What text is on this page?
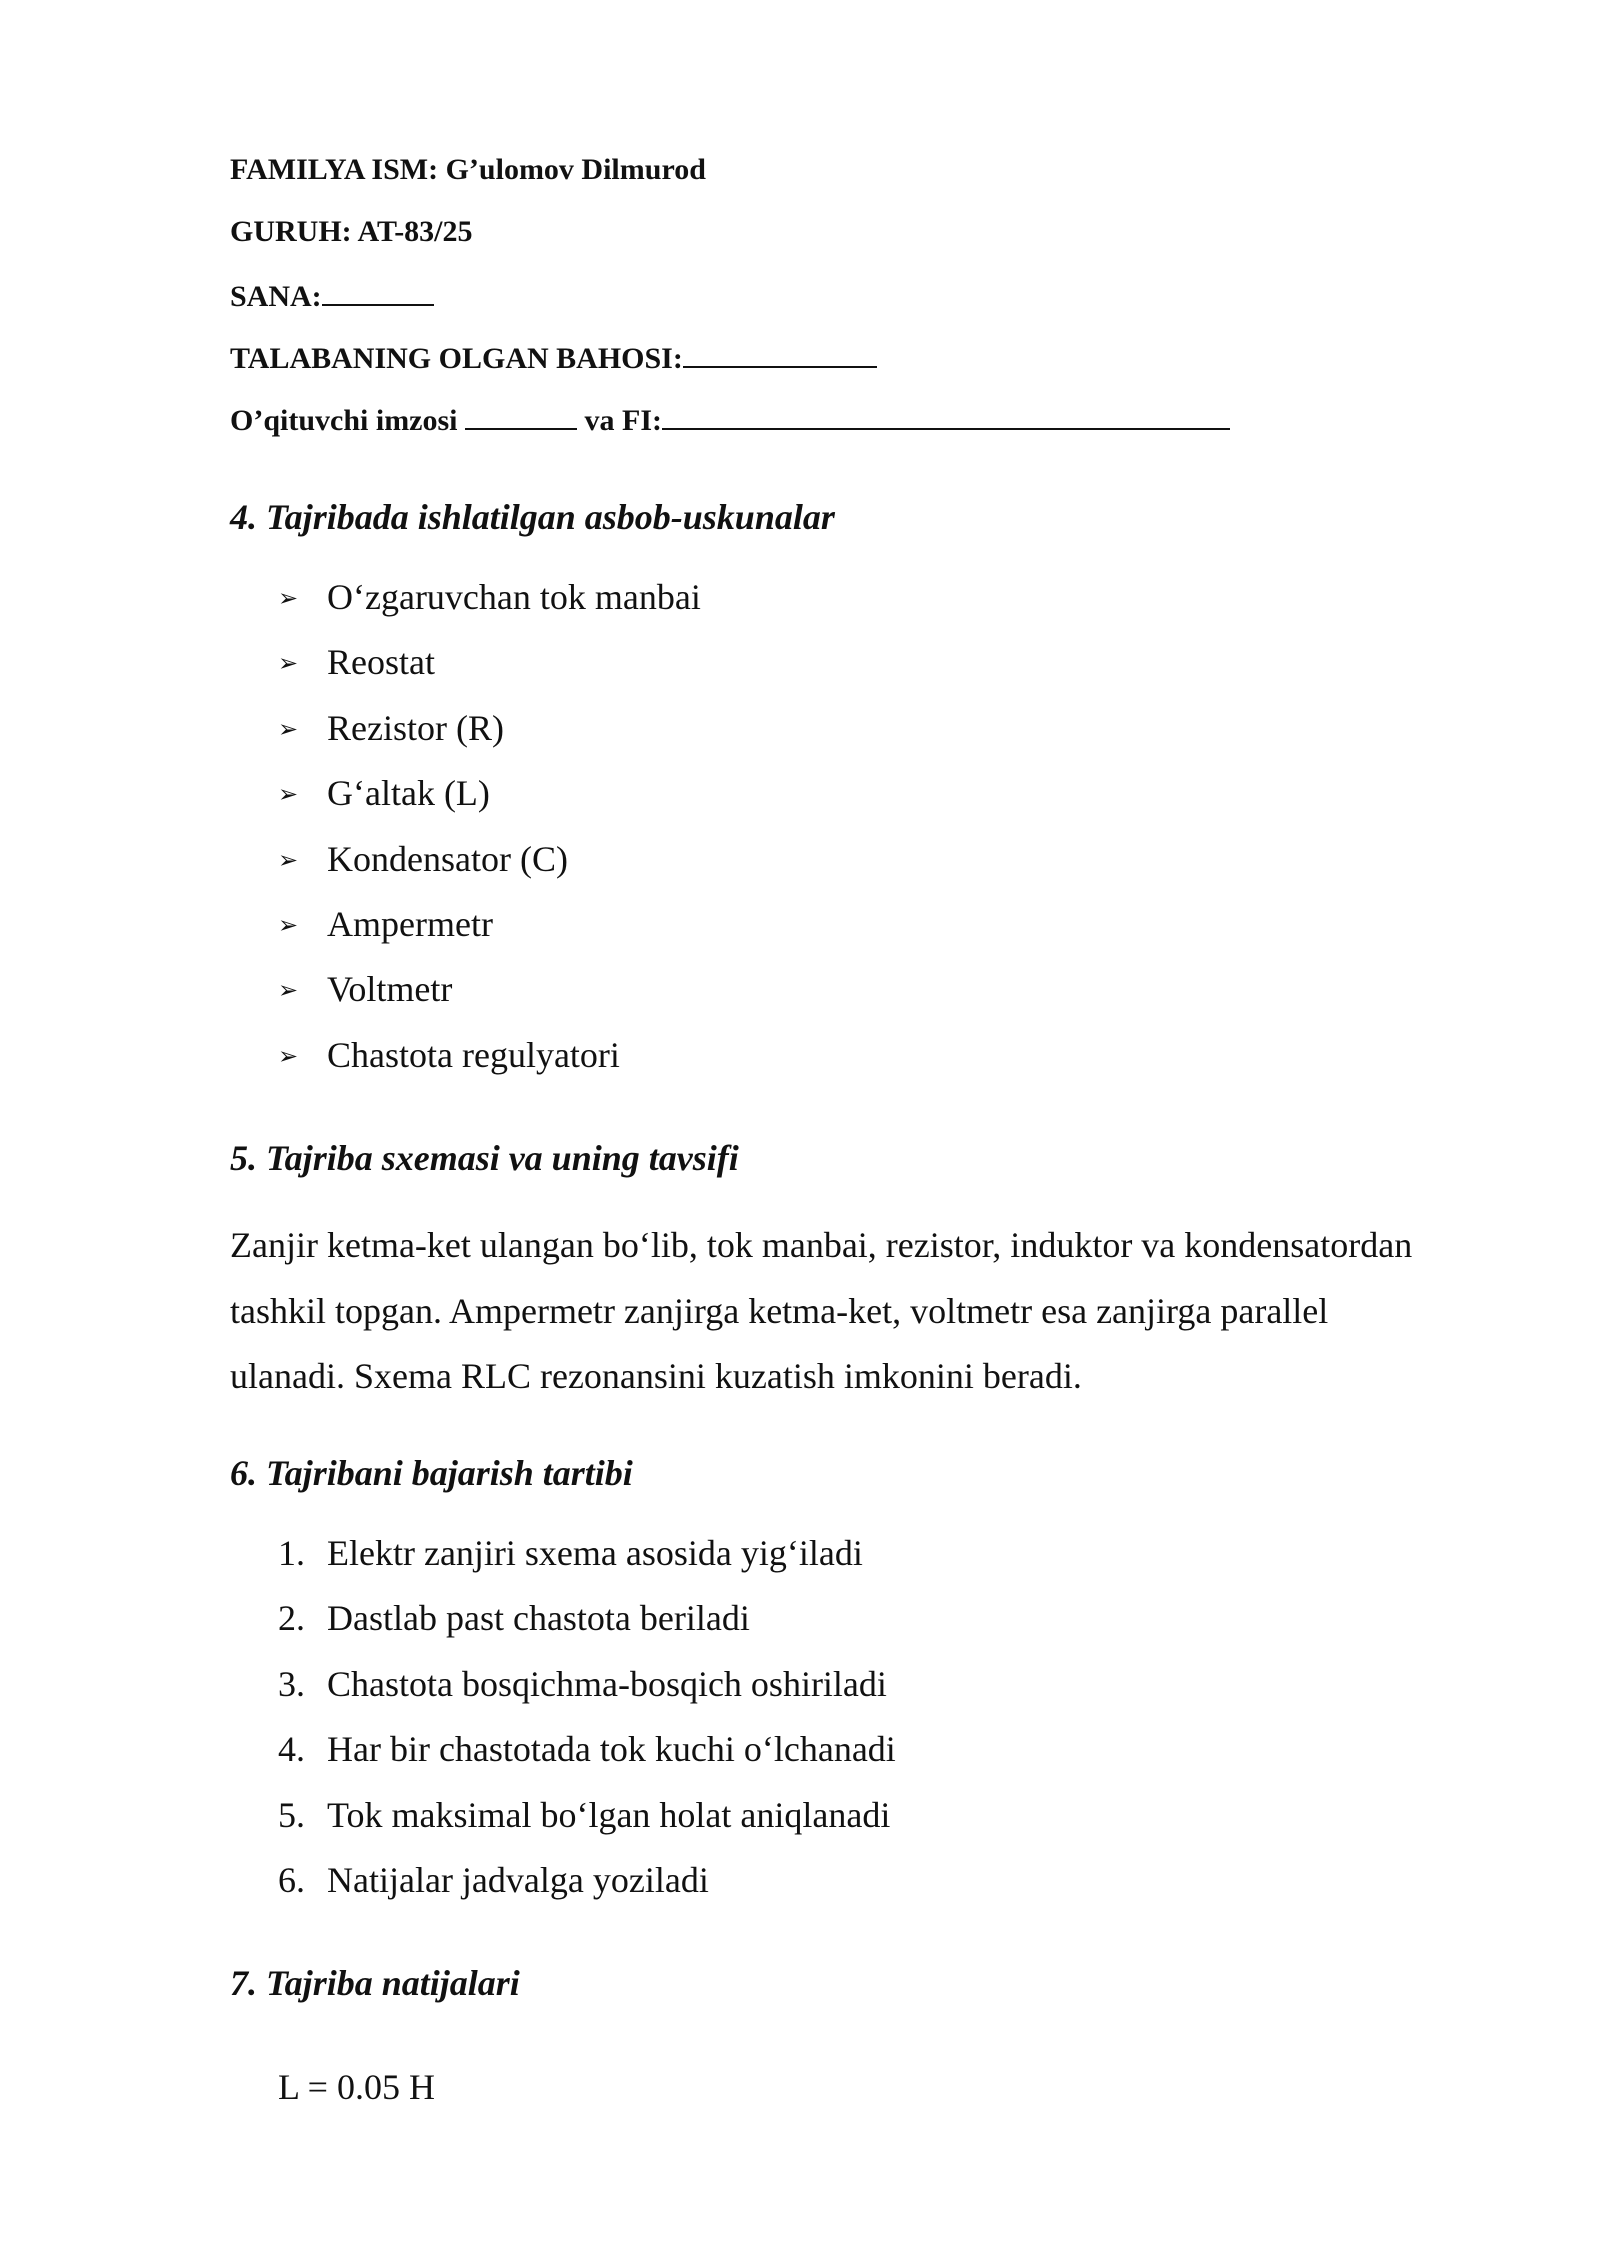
FAMILYA ISM: G’ulomov Dilmurod
GURUH: AT-83/25
SANA:
TALABANING OLGAN BAHOSI:
O’qituvchi imzosi	va FI:
4. Tajribada ishlatilgan asbob-uskunalar
➢ O‘zgaruvchan tok manbai
➢ Reostat
➢ Rezistor (R)
➢ G‘altak (L)
➢ Kondensator (C)
➢ Ampermetr
➢ Voltmetr
➢ Chastota regulyatori
5. Tajriba sxemasi va uning tavsifi
Zanjir ketma-ket ulangan bo‘lib, tok manbai, rezistor, induktor va kondensatordan
tashkil topgan. Ampermetr zanjirga ketma-ket, voltmetr esa zanjirga parallel
ulanadi. Sxema RLC rezonansini kuzatish imkonini beradi.
6. Tajribani bajarish tartibi
1. Elektr zanjiri sxema asosida yig‘iladi
2. Dastlab past chastota beriladi
3. Chastota bosqichma-bosqich oshiriladi
4. Har bir chastotada tok kuchi o‘lchanadi
5. Tok maksimal bo‘lgan holat aniqlanadi
6. Natijalar jadvalga yoziladi
7. Tajriba natijalari
L = 0.05 H
